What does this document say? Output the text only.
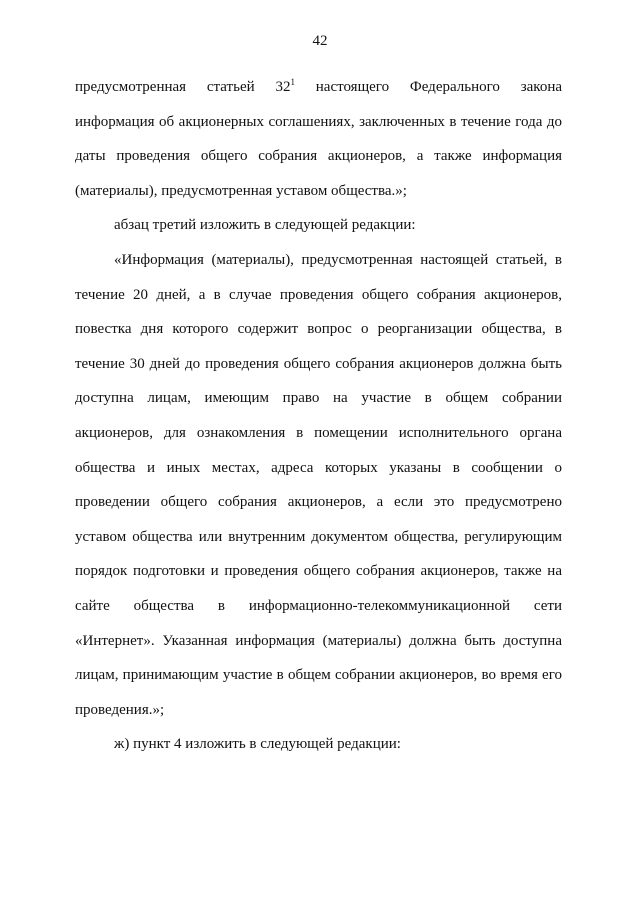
42
предусмотренная статьей $32^1$ настоящего Федерального закона
информация об акционерных соглашениях, заключенных в течение года до
даты проведения общего собрания акционеров, а также информация
(материалы), предусмотренная уставом общества.»;
абзац третий изложить в следующей редакции:
«Информация (материалы), предусмотренная настоящей статьей, в
течение 20 дней, а в случае проведения общего собрания акционеров,
повестка дня которого содержит вопрос о реорганизации общества, в
течение 30 дней до проведения общего собрания акционеров должна быть
доступна лицам, имеющим право на участие в общем собрании
акционеров, для ознакомления в помещении исполнительного органа
общества и иных местах, адреса которых указаны в сообщении о
проведении общего собрания акционеров, а если это предусмотрено
уставом общества или внутренним документом общества, регулирующим
порядок подготовки и проведения общего собрания акционеров, также на
сайте общества в информационно-телекоммуникационной сети
«Интернет». Указанная информация (материалы) должна быть доступна
лицам, принимающим участие в общем собрании акционеров, во время его
проведения.»;
ж) пункт 4 изложить в следующей редакции:
